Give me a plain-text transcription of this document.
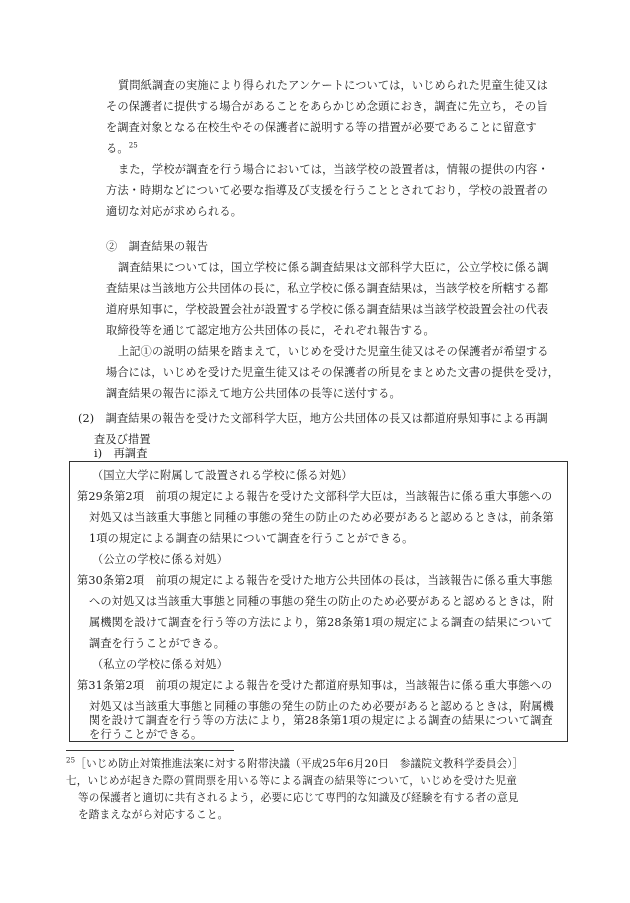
質問紙調査の実施により得られたアンケートについては，いじめられた児童生徒又は
その保護者に提供する場合があることをあらかじめ念頭におき，調査に先立ち，その旨
を調査対象となる在校生やその保護者に説明する等の措置が必要であることに留意す
る。$^{25}$
また，学校が調査を行う場合においては，当該学校の設置者は，情報の提供の内容・
方法・時期などについて必要な指導及び支援を行うこととされており，学校の設置者の
適切な対応が求められる。
②　調査結果の報告
調査結果については，国立学校に係る調査結果は文部科学大臣に，公立学校に係る調
査結果は当該地方公共団体の長に，私立学校に係る調査結果は，当該学校を所轄する都
道府県知事に，学校設置会社が設置する学校に係る調査結果は当該学校設置会社の代表
取締役等を通じて認定地方公共団体の長に，それぞれ報告する。
上記①の説明の結果を踏まえて，いじめを受けた児童生徒又はその保護者が希望する
場合には，いじめを受けた児童生徒又はその保護者の所見をまとめた文書の提供を受け，
調査結果の報告に添えて地方公共団体の長等に送付する。
(2)　調査結果の報告を受けた文部科学大臣，地方公共団体の長又は都道府県知事による再調
査及び措置
i)　再調査
（国立大学に附属して設置される学校に係る対処）
第29条第2項　前項の規定による報告を受けた文部科学大臣は，当該報告に係る重大事態への
対処又は当該重大事態と同種の事態の発生の防止のため必要があると認めるときは，前条第
1項の規定による調査の結果について調査を行うことができる。
（公立の学校に係る対処）
第30条第2項　前項の規定による報告を受けた地方公共団体の長は，当該報告に係る重大事態
への対処又は当該重大事態と同種の事態の発生の防止のため必要があると認めるときは，附
属機関を設けて調査を行う等の方法により，第28条第1項の規定による調査の結果について
調査を行うことができる。
（私立の学校に係る対処）
第31条第2項　前項の規定による報告を受けた都道府県知事は，当該報告に係る重大事態への
対処又は当該重大事態と同種の事態の発生の防止のため必要があると認めるときは，附属機
関を設けて調査を行う等の方法により，第28条第1項の規定による調査の結果について調査
を行うことができる。
$^{25}$［いじめ防止対策推進法案に対する附帯決議（平成25年6月20日　参議院文教科学委員会）］
七，いじめが起きた際の質問票を用いる等による調査の結果等について，いじめを受けた児童
等の保護者と適切に共有されるよう，必要に応じて専門的な知識及び経験を有する者の意見
を踏まえながら対応すること。
